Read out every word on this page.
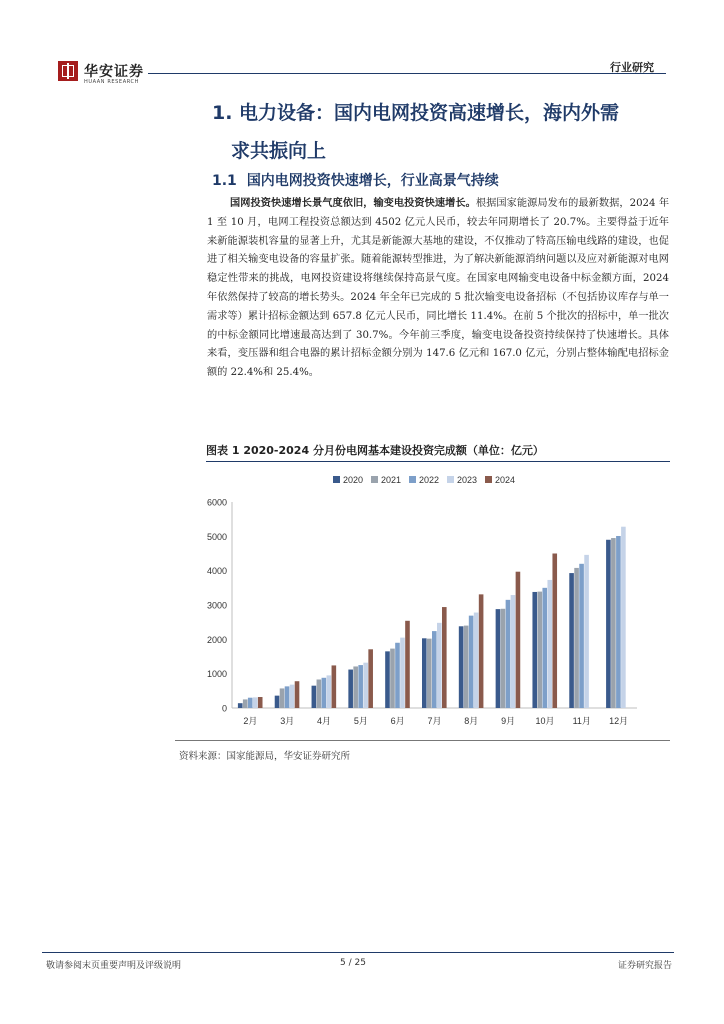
华安证券
HUAAN RESEARCH
行业研究
1. 电力设备：国内电网投资高速增长，海内外需
求共振向上
1.1 国内电网投资快速增长，行业高景气持续

国网投资快速增长景气度依旧，输变电投资快速增长。根据国家能源局发布的最新数据，2024 年 1 至 10 月，电网工程投资总额达到 4502 亿元人民币，较去年同期增长了 20.7%。主要得益于近年来新能源装机容量的显著上升，尤其是新能源大基地的建设，不仅推动了特高压输电线路的建设，也促进了相关输变电设备的容量扩张。随着能源转型推进，为了解决新能源消纳问题以及应对新能源对电网稳定性带来的挑战，电网投资建设将继续保持高景气度。在国家电网输变电设备中标金额方面，2024 年依然保持了较高的增长势头。2024 年全年已完成的 5 批次输变电设备招标（不包括协议库存与单一需求等）累计招标金额达到 657.8 亿元人民币，同比增长 11.4%。在前 5 个批次的招标中，单一批次的中标金额同比增速最高达到了 30.7%。今年前三季度，输变电设备投资持续保持了快速增长。具体来看，变压器和组合电器的累计招标金额分别为 147.6 亿元和 167.0 亿元，分别占整体输配电招标金额的 22.4%和 25.4%。

图表 1 2020-2024 分月份电网基本建设投资完成额（单位：亿元）
2020 2021 2022 2023 2024
0
1000
2000
3000
4000
5000
6000
2月	3月	4月	5月	6月	7月	8月	9月 10月 11月 12月
资料来源：国家能源局，华安证券研究所
敬请参阅末页重要声明及评级说明	5 / 25	证券研究报告
